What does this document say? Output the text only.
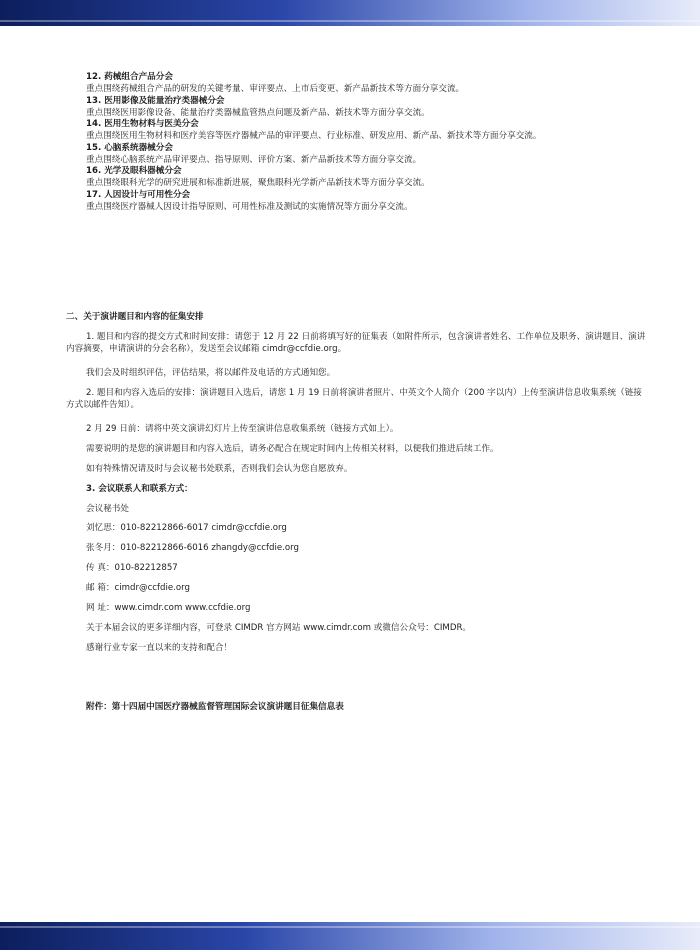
12. 药械组合产品分会
重点围绕药械组合产品的研发的关键考量、审评要点、上市后变更、新产品新技术等方面分享交流。
13. 医用影像及能量治疗类器械分会
重点围绕医用影像设备、能量治疗类器械监管热点问题及新产品、新技术等方面分享交流。
14. 医用生物材料与医美分会
重点围绕医用生物材料和医疗美容等医疗器械产品的审评要点、行业标准、研发应用、新产品、新技术等方面分享交流。
15. 心脑系统器械分会
重点围绕心脑系统产品审评要点、指导原则、评价方案、新产品新技术等方面分享交流。
16. 光学及眼科器械分会
重点围绕眼科光学的研究进展和标准新进展，聚焦眼科光学新产品新技术等方面分享交流。
17. 人因设计与可用性分会
重点围绕医疗器械人因设计指导原则、可用性标准及测试的实施情况等方面分享交流。
二、关于演讲题目和内容的征集安排
1. 题目和内容的提交方式和时间安排：请您于 12 月 22 日前将填写好的征集表（如附件所示，包含演讲者姓名、工作单位及职务、演讲题目、演讲内容摘要，申请演讲的分会名称），发送至会议邮箱 cimdr@ccfdie.org。
我们会及时组织评估，评估结果，将以邮件及电话的方式通知您。
2. 题目和内容入选后的安排：演讲题目入选后，请您 1 月 19 日前将演讲者照片、中英文个人简介（200 字以内）上传至演讲信息收集系统（链接方式以邮件告知）。
2 月 29 日前：请将中英文演讲幻灯片上传至演讲信息收集系统（链接方式如上）。
需要说明的是您的演讲题目和内容入选后，请务必配合在规定时间内上传相关材料，以便我们推进后续工作。
如有特殊情况请及时与会议秘书处联系，否则我们会认为您自愿放弃。
3. 会议联系人和联系方式：
会议秘书处
刘忆思：010-82212866-6017 cimdr@ccfdie.org
张冬月：010-82212866-6016 zhangdy@ccfdie.org
传 真：010-82212857
邮 箱：cimdr@ccfdie.org
网 址：www.cimdr.com www.ccfdie.org
关于本届会议的更多详细内容，可登录 CIMDR 官方网站 www.cimdr.com 或微信公众号：CIMDR。
感谢行业专家一直以来的支持和配合！
附件：第十四届中国医疗器械监督管理国际会议演讲题目征集信息表
